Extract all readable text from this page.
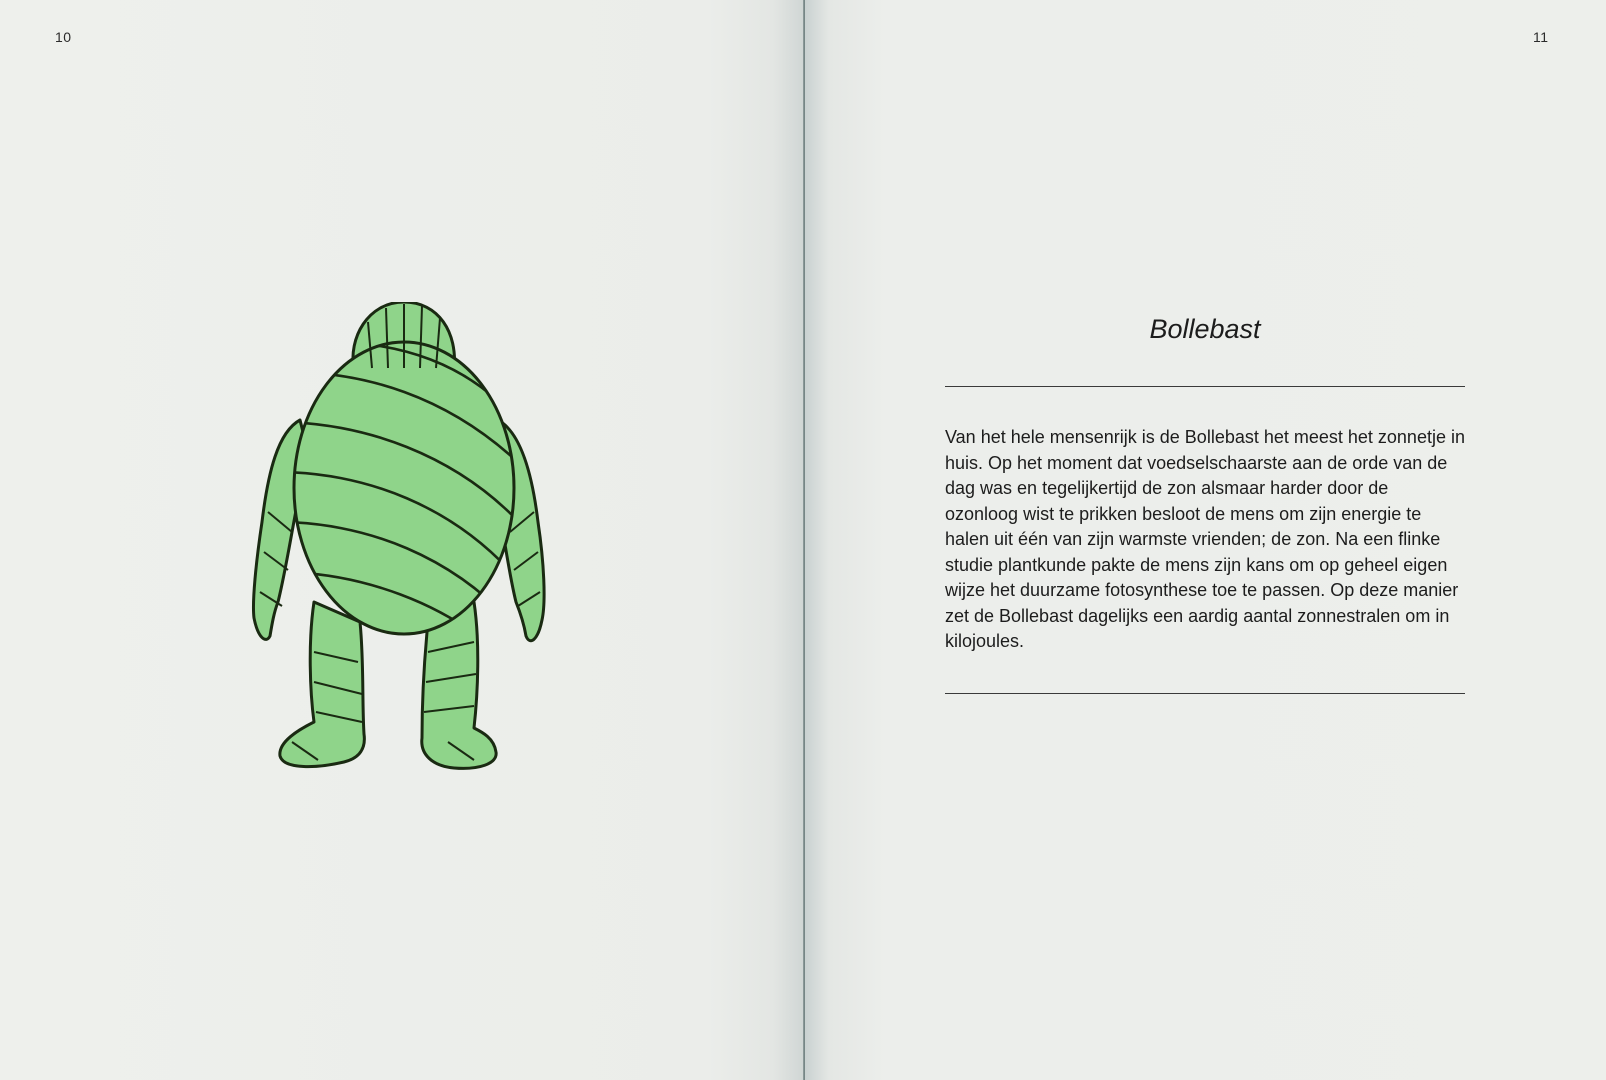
10	11
Bollebast

Van het hele mensenrijk is de Bollebast het meest het zonnetje in huis. Op het moment dat voedselschaarste aan de orde van de dag was en tegelijkertijd de zon alsmaar harder door de ozonloog wist te prikken besloot de mens om zijn energie te halen uit één van zijn warmste vrienden; de zon. Na een flinke studie plantkunde pakte de mens zijn kans om op geheel eigen wijze het duurzame fotosynthese toe te passen. Op deze manier zet de Bollebast dagelijks een aardig aantal zonnestralen om in kilojoules.
